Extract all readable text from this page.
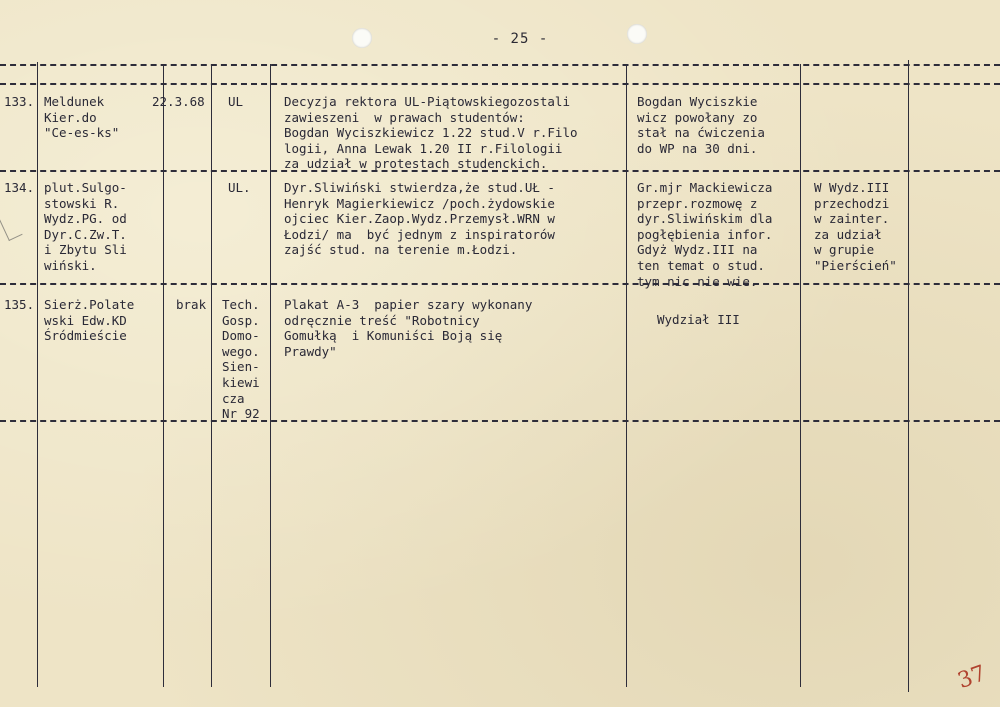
- 25 -
133. Meldunek
Kier.do
"Ce-es-ks"
22.3.68 UL	Decyzja rektora UL-Piątowskiegozostali
zawieszeni  w prawach studentów:
Bogdan Wyciszkiewicz 1.22 stud.V r.Filo
logii, Anna Lewak 1.20 II r.Filologii
za udział w protestach studenckich.
Bogdan Wyciszkie
wicz powołany zo
stał na ćwiczenia
do WP na 30 dni.
134. plut.Sulgo-
stowski R.
Wydz.PG. od
Dyr.C.Zw.T.
i Zbytu Sli
wiński.
UL.	Dyr.Sliwiński stwierdza,że stud.UŁ -
Henryk Magierkiewicz /poch.żydowskie
ojciec Kier.Zaop.Wydz.Przemysł.WRN w
Łodzi/ ma  być jednym z inspiratorów
zajść stud. na terenie m.Łodzi.
Gr.mjr Mackiewicza
przepr.rozmowę z
dyr.Sliwińskim dla
pogłębienia infor.
Gdyż Wydz.III na
ten temat o stud.
tym nic nie wie.
W Wydz.III
przechodzi
w zainter.
za udział
w grupie
"Pierścień"
135. Sierż.Polate
wski Edw.KD
Śródmieście
brak Tech.
Gosp.
Domo-
wego.
Sien-
kiewi
cza
Nr 92
Plakat A-3  papier szary wykonany
odręcznie treść "Robotnicy
Gomułką  i Komuniści Boją się
Prawdy"
Wydział III
37
